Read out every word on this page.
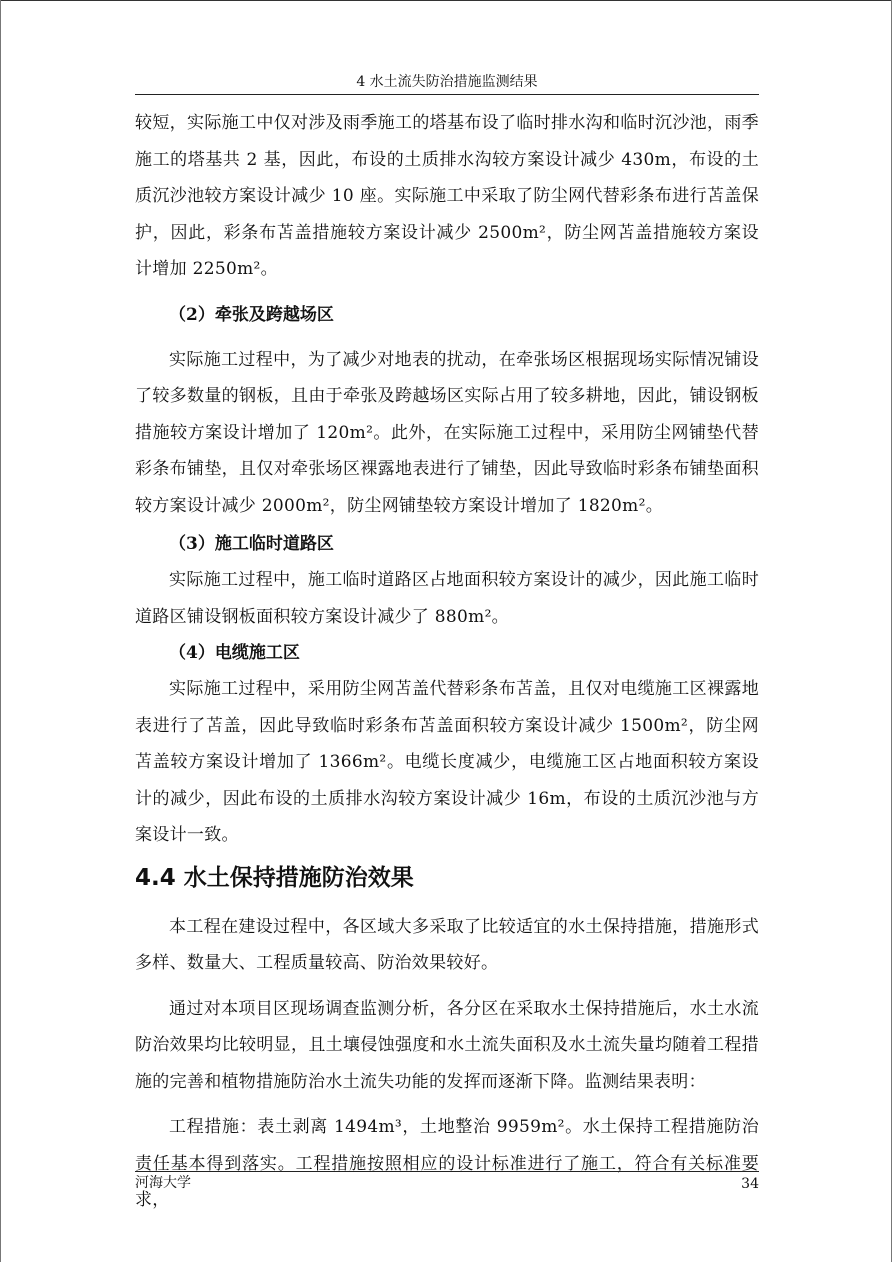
4 水土流失防治措施监测结果

较短，实际施工中仅对涉及雨季施工的塔基布设了临时排水沟和临时沉沙池，雨季施工的塔基共 2 基，因此，布设的土质排水沟较方案设计减少 430m，布设的土质沉沙池较方案设计减少 10 座。实际施工中采取了防尘网代替彩条布进行苫盖保护，因此，彩条布苫盖措施较方案设计减少 2500m²，防尘网苫盖措施较方案设计增加 2250m²。

（2）牵张及跨越场区

实际施工过程中，为了减少对地表的扰动，在牵张场区根据现场实际情况铺设了较多数量的钢板，且由于牵张及跨越场区实际占用了较多耕地，因此，铺设钢板措施较方案设计增加了 120m²。此外，在实际施工过程中，采用防尘网铺垫代替彩条布铺垫，且仅对牵张场区裸露地表进行了铺垫，因此导致临时彩条布铺垫面积较方案设计减少 2000m²，防尘网铺垫较方案设计增加了 1820m²。

（3）施工临时道路区

实际施工过程中，施工临时道路区占地面积较方案设计的减少，因此施工临时道路区铺设钢板面积较方案设计减少了 880m²。

（4）电缆施工区

实际施工过程中，采用防尘网苫盖代替彩条布苫盖，且仅对电缆施工区裸露地表进行了苫盖，因此导致临时彩条布苫盖面积较方案设计减少 1500m²，防尘网苫盖较方案设计增加了 1366m²。电缆长度减少，电缆施工区占地面积较方案设计的减少，因此布设的土质排水沟较方案设计减少 16m，布设的土质沉沙池与方案设计一致。

4.4 水土保持措施防治效果

本工程在建设过程中，各区域大多采取了比较适宜的水土保持措施，措施形式多样、数量大、工程质量较高、防治效果较好。

通过对本项目区现场调查监测分析，各分区在采取水土保持措施后，水土水流防治效果均比较明显，且土壤侵蚀强度和水土流失面积及水土流失量均随着工程措施的完善和植物措施防治水土流失功能的发挥而逐渐下降。监测结果表明：

工程措施：表土剥离 1494m³，土地整治 9959m²。水土保持工程措施防治责任基本得到落实。工程措施按照相应的设计标准进行了施工，符合有关标准要求，

河海大学	34
